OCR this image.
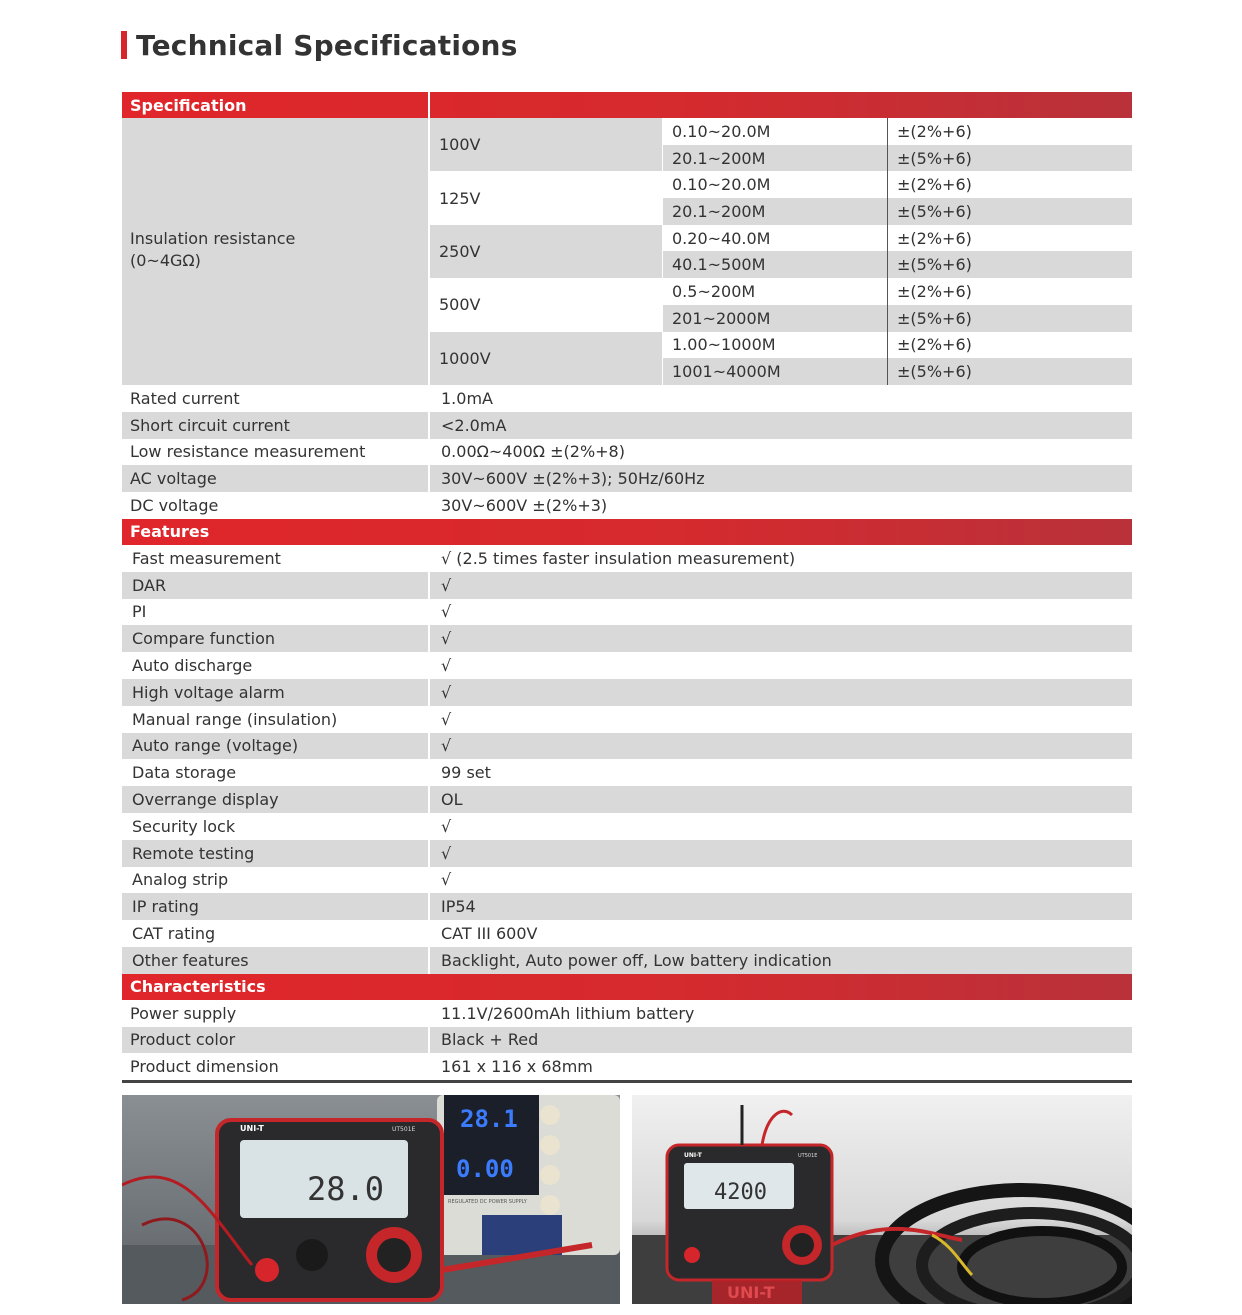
Technical Specifications
Specification
Insulation resistance
(0~4GΩ)
100V
0.10~20.0M	±(2%+6)
20.1~200M	±(5%+6)
125V
0.10~20.0M	±(2%+6)
20.1~200M	±(5%+6)
250V
0.20~40.0M	±(2%+6)
40.1~500M	±(5%+6)
500V
0.5~200M	±(2%+6)
201~2000M	±(5%+6)
1000V
1.00~1000M	±(2%+6)
1001~4000M	±(5%+6)
Rated current	1.0mA
Short circuit current	<2.0mA
Low resistance measurement	0.00Ω~400Ω ±(2%+8)
AC voltage	30V~600V ±(2%+3); 50Hz/60Hz
DC voltage	30V~600V ±(2%+3)
Features
Fast measurement	√ (2.5 times faster insulation measurement)
DAR	√
PI	√
Compare function	√
Auto discharge	√
High voltage alarm	√
Manual range (insulation)	√
Auto range (voltage)	√
Data storage	99 set
Overrange display	OL
Security lock	√
Remote testing	√
Analog strip	√
IP rating	IP54
CAT rating	CAT III 600V
Other features	Backlight, Auto power off, Low battery indication
Characteristics
Power supply	11.1V/2600mAh lithium battery
Product color	Black + Red
Product dimension	161 x 116 x 68mm
28.1
0.00
REGULATED DC POWER SUPPLY
28.0
UNI-T	UT501E
4200
UNI-T	UT501E
UNI-T
